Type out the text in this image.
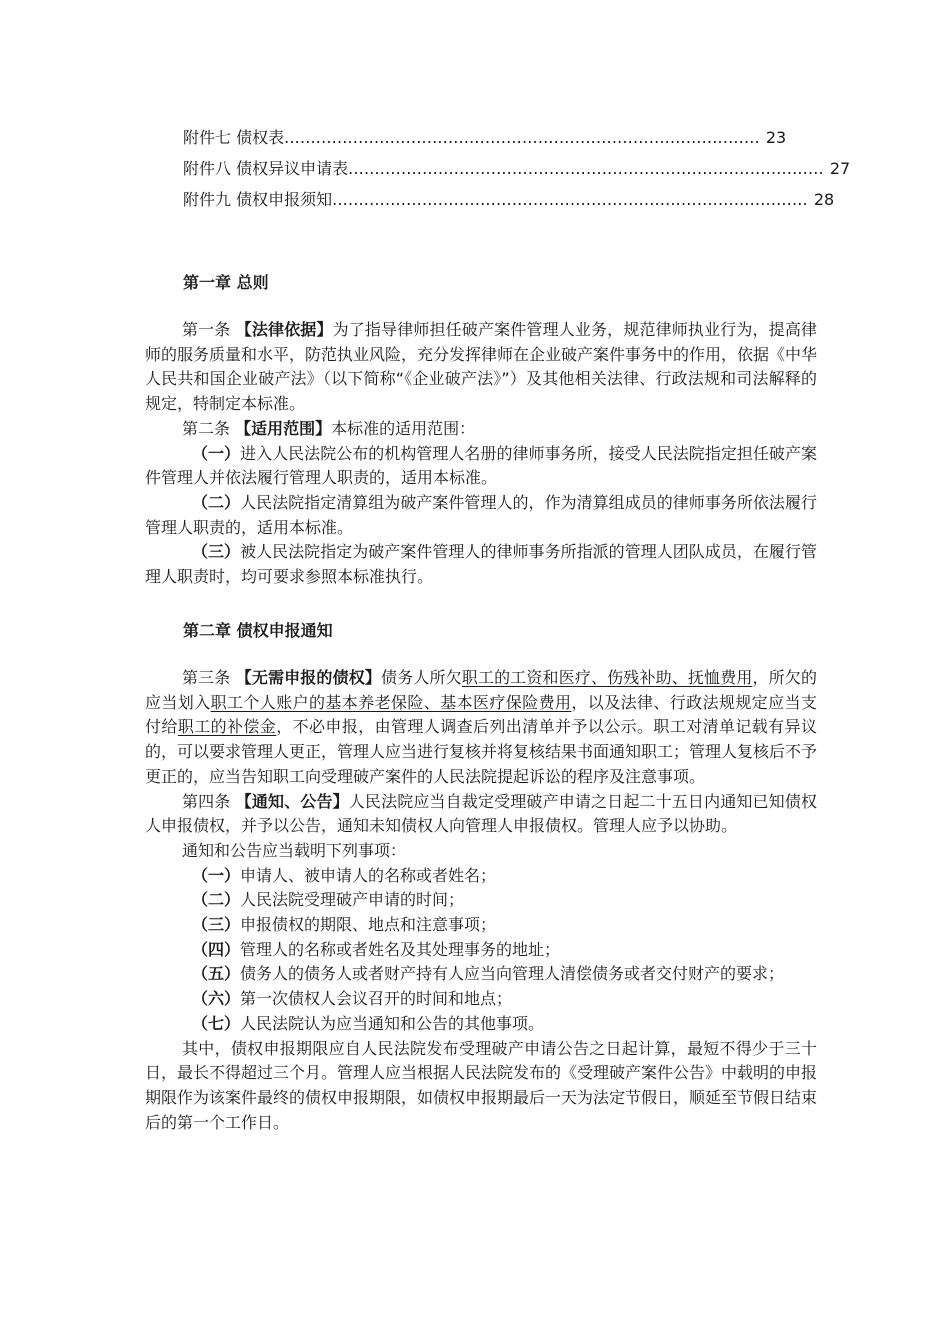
附件七 债权表 .......................................................................................... 23
附件八 债权异议申请表 .......................................................................................... 27
附件九 债权申报须知 .......................................................................................... 28
第一章 总则

第一条 【法律依据】为了指导律师担任破产案件管理人业务，规范律师执业行为，提高律师的服务质量和水平，防范执业风险，充分发挥律师在企业破产案件事务中的作用，依据《中华人民共和国企业破产法》（以下简称“《企业破产法》”）及其他相关法律、行政法规和司法解释的规定，特制定本标准。

第二条 【适用范围】本标准的适用范围：

（一）进入人民法院公布的机构管理人名册的律师事务所，接受人民法院指定担任破产案件管理人并依法履行管理人职责的，适用本标准。

（二）人民法院指定清算组为破产案件管理人的，作为清算组成员的律师事务所依法履行管理人职责的，适用本标准。

（三）被人民法院指定为破产案件管理人的律师事务所指派的管理人团队成员，在履行管理人职责时，均可要求参照本标准执行。

第二章 债权申报通知

第三条 【无需申报的债权】债务人所欠职工的工资和医疗、伤残补助、抚恤费用，所欠的应当划入职工个人账户的基本养老保险、基本医疗保险费用，以及法律、行政法规规定应当支付给职工的补偿金，不必申报，由管理人调查后列出清单并予以公示。职工对清单记载有异议的，可以要求管理人更正，管理人应当进行复核并将复核结果书面通知职工；管理人复核后不予更正的，应当告知职工向受理破产案件的人民法院提起诉讼的程序及注意事项。

第四条 【通知、公告】人民法院应当自裁定受理破产申请之日起二十五日内通知已知债权人申报债权，并予以公告，通知未知债权人向管理人申报债权。管理人应予以协助。

通知和公告应当载明下列事项：

（一）申请人、被申请人的名称或者姓名；

（二）人民法院受理破产申请的时间；

（三）申报债权的期限、地点和注意事项；

（四）管理人的名称或者姓名及其处理事务的地址；

（五）债务人的债务人或者财产持有人应当向管理人清偿债务或者交付财产的要求；

（六）第一次债权人会议召开的时间和地点；

（七）人民法院认为应当通知和公告的其他事项。

其中，债权申报期限应自人民法院发布受理破产申请公告之日起计算，最短不得少于三十日，最长不得超过三个月。管理人应当根据人民法院发布的《受理破产案件公告》中载明的申报期限作为该案件最终的债权申报期限，如债权申报期最后一天为法定节假日，顺延至节假日结束后的第一个工作日。
